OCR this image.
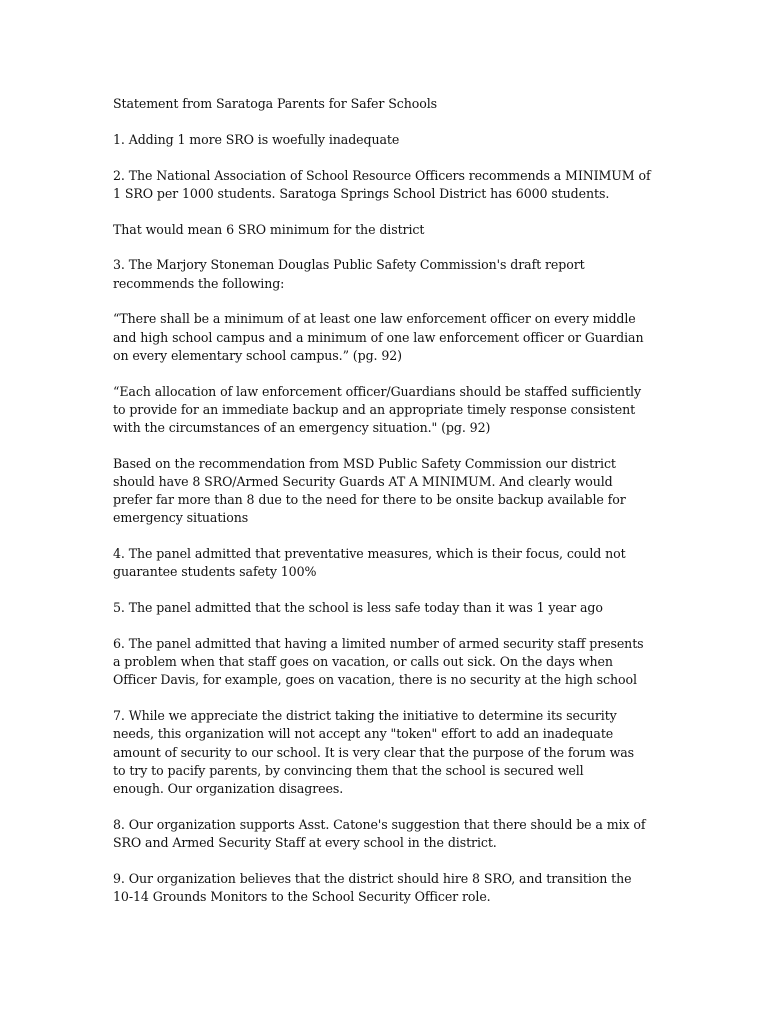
Statement from Saratoga Parents for Safer Schools

1. Adding 1 more SRO is woefully inadequate

2. The National Association of School Resource Officers recommends a MINIMUM of
1 SRO per 1000 students. Saratoga Springs School District has 6000 students.

That would mean 6 SRO minimum for the district

3. The Marjory Stoneman Douglas Public Safety Commission's draft report
recommends the following:

“There shall be a minimum of at least one law enforcement officer on every middle
and high school campus and a minimum of one law enforcement officer or Guardian
on every elementary school campus.” (pg. 92)

“Each allocation of law enforcement officer/Guardians should be staffed sufficiently
to provide for an immediate backup and an appropriate timely response consistent
with the circumstances of an emergency situation." (pg. 92)

Based on the recommendation from MSD Public Safety Commission our district
should have 8 SRO/Armed Security Guards AT A MINIMUM. And clearly would
prefer far more than 8 due to the need for there to be onsite backup available for
emergency situations

4. The panel admitted that preventative measures, which is their focus, could not
guarantee students safety 100%

5. The panel admitted that the school is less safe today than it was 1 year ago

6. The panel admitted that having a limited number of armed security staff presents
a problem when that staff goes on vacation, or calls out sick. On the days when
Officer Davis, for example, goes on vacation, there is no security at the high school

7. While we appreciate the district taking the initiative to determine its security
needs, this organization will not accept any "token" effort to add an inadequate
amount of security to our school. It is very clear that the purpose of the forum was
to try to pacify parents, by convincing them that the school is secured well
enough. Our organization disagrees.

8. Our organization supports Asst. Catone's suggestion that there should be a mix of
SRO and Armed Security Staff at every school in the district.

9. Our organization believes that the district should hire 8 SRO, and transition the
10-14 Grounds Monitors to the School Security Officer role.
